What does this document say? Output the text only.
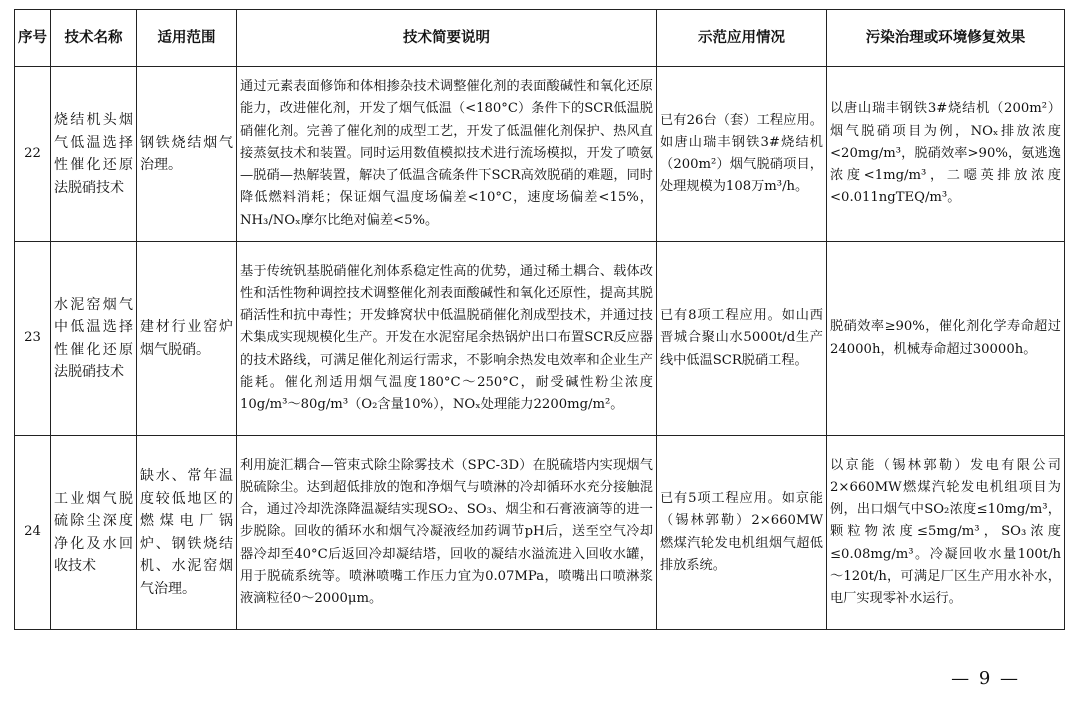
序号	技术名称	适用范围	技术简要说明	示范应用情况	污染治理或环境修复效果
22	烧结机头烟气低温选择性催化还原法脱硝技术	钢铁烧结烟气治理。	通过元素表面修饰和体相掺杂技术调整催化剂的表面酸碱性和氧化还原能力，改进催化剂，开发了烟气低温（<180°C）条件下的SCR低温脱硝催化剂。完善了催化剂的成型工艺，开发了低温催化剂保护、热风直接蒸氨技术和装置。同时运用数值模拟技术进行流场模拟，开发了喷氨—脱硝—热解装置，解决了低温含硫条件下SCR高效脱硝的难题，同时降低燃料消耗；保证烟气温度场偏差<10°C，速度场偏差<15%，NH₃/NOₓ摩尔比绝对偏差<5%。	已有26台（套）工程应用。如唐山瑞丰钢铁3#烧结机（200m²）烟气脱硝项目，处理规模为108万m³/h。	以唐山瑞丰钢铁3#烧结机（200m²）烟气脱硝项目为例，NOₓ排放浓度<20mg/m³，脱硝效率>90%，氨逃逸浓度<1mg/m³，二噁英排放浓度<0.011ngTEQ/m³。
23	水泥窑烟气中低温选择性催化还原法脱硝技术	建材行业窑炉烟气脱硝。	基于传统钒基脱硝催化剂体系稳定性高的优势，通过稀土耦合、载体改性和活性物种调控技术调整催化剂表面酸碱性和氧化还原性，提高其脱硝活性和抗中毒性；开发蜂窝状中低温脱硝催化剂成型技术，并通过技术集成实现规模化生产。开发在水泥窑尾余热锅炉出口布置SCR反应器的技术路线，可满足催化剂运行需求，不影响余热发电效率和企业生产能耗。催化剂适用烟气温度180°C～250°C，耐受碱性粉尘浓度10g/m³～80g/m³（O₂含量10%），NOₓ处理能力2200mg/m²。	已有8项工程应用。如山西晋城合聚山水5000t/d生产线中低温SCR脱硝工程。	脱硝效率≥90%，催化剂化学寿命超过24000h，机械寿命超过30000h。
24	工业烟气脱硫除尘深度净化及水回收技术	缺水、常年温度较低地区的燃煤电厂锅炉、钢铁烧结机、水泥窑烟气治理。	利用旋汇耦合—管束式除尘除雾技术（SPC-3D）在脱硫塔内实现烟气脱硫除尘。达到超低排放的饱和净烟气与喷淋的冷却循环水充分接触混合，通过冷却洗涤降温凝结实现SO₂、SO₃、烟尘和石膏液滴等的进一步脱除。回收的循环水和烟气冷凝液经加药调节pH后，送至空气冷却器冷却至40°C后返回冷却凝结塔，回收的凝结水溢流进入回收水罐，用于脱硫系统等。喷淋喷嘴工作压力宜为0.07MPa，喷嘴出口喷淋浆液滴粒径0～2000μm。	已有5项工程应用。如京能（锡林郭勒）2×660MW燃煤汽轮发电机组烟气超低排放系统。	以京能（锡林郭勒）发电有限公司2×660MW燃煤汽轮发电机组项目为例，出口烟气中SO₂浓度≤10mg/m³，颗粒物浓度≤5mg/m³，SO₃浓度≤0.08mg/m³。冷凝回收水量100t/h～120t/h，可满足厂区生产用水补水，电厂实现零补水运行。
— 9 —
